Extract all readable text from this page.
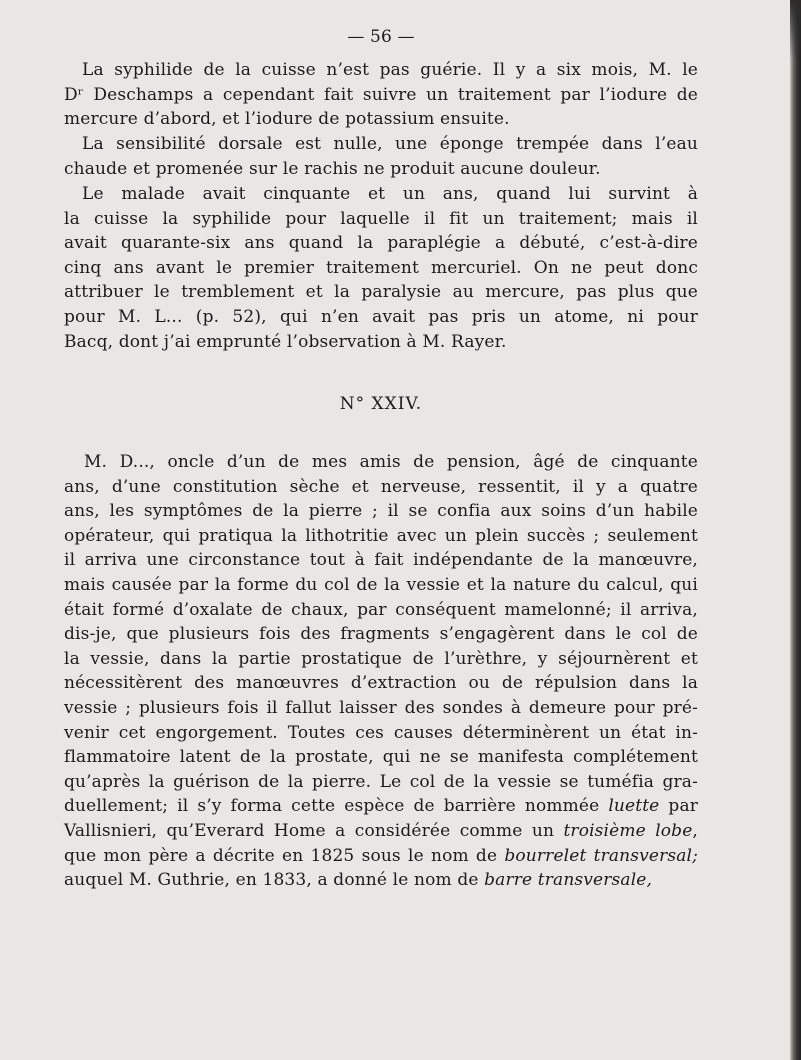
— 56 —
La syphilide de la cuisse n’est pas guérie. Il y a six mois, M. le
Dʳ Deschamps a cependant fait suivre un traitement par l’iodure de
mercure d’abord, et l’iodure de potassium ensuite.
La sensibilité dorsale est nulle, une éponge trempée dans l’eau
chaude et promenée sur le rachis ne produit aucune douleur.
Le malade avait cinquante et un ans, quand lui survint à
la cuisse la syphilide pour laquelle il fit un traitement; mais il
avait quarante-six ans quand la paraplégie a débuté, c’est-à-dire
cinq ans avant le premier traitement mercuriel. On ne peut donc
attribuer le tremblement et la paralysie au mercure, pas plus que
pour M. L... (p. 52), qui n’en avait pas pris un atome, ni pour
Bacq, dont j’ai emprunté l’observation à M. Rayer.
N° XXIV.
M. D..., oncle d’un de mes amis de pension, âgé de cinquante
ans, d’une constitution sèche et nerveuse, ressentit, il y a quatre
ans, les symptômes de la pierre ; il se confia aux soins d’un habile
opérateur, qui pratiqua la lithotritie avec un plein succès ; seulement
il arriva une circonstance tout à fait indépendante de la manœuvre,
mais causée par la forme du col de la vessie et la nature du calcul, qui
était formé d’oxalate de chaux, par conséquent mamelonné; il arriva,
dis-je, que plusieurs fois des fragments s’engagèrent dans le col de
la vessie, dans la partie prostatique de l’urèthre, y séjournèrent et
nécessitèrent des manœuvres d’extraction ou de répulsion dans la
vessie ; plusieurs fois il fallut laisser des sondes à demeure pour pré-
venir cet engorgement. Toutes ces causes déterminèrent un état in-
flammatoire latent de la prostate, qui ne se manifesta complétement
qu’après la guérison de la pierre. Le col de la vessie se tuméfia gra-
duellement; il s’y forma cette espèce de barrière nommée luette par
Vallisnieri, qu’Everard Home a considérée comme un troisième lobe,
que mon père a décrite en 1825 sous le nom de bourrelet transversal;
auquel M. Guthrie, en 1833, a donné le nom de barre transversale,
